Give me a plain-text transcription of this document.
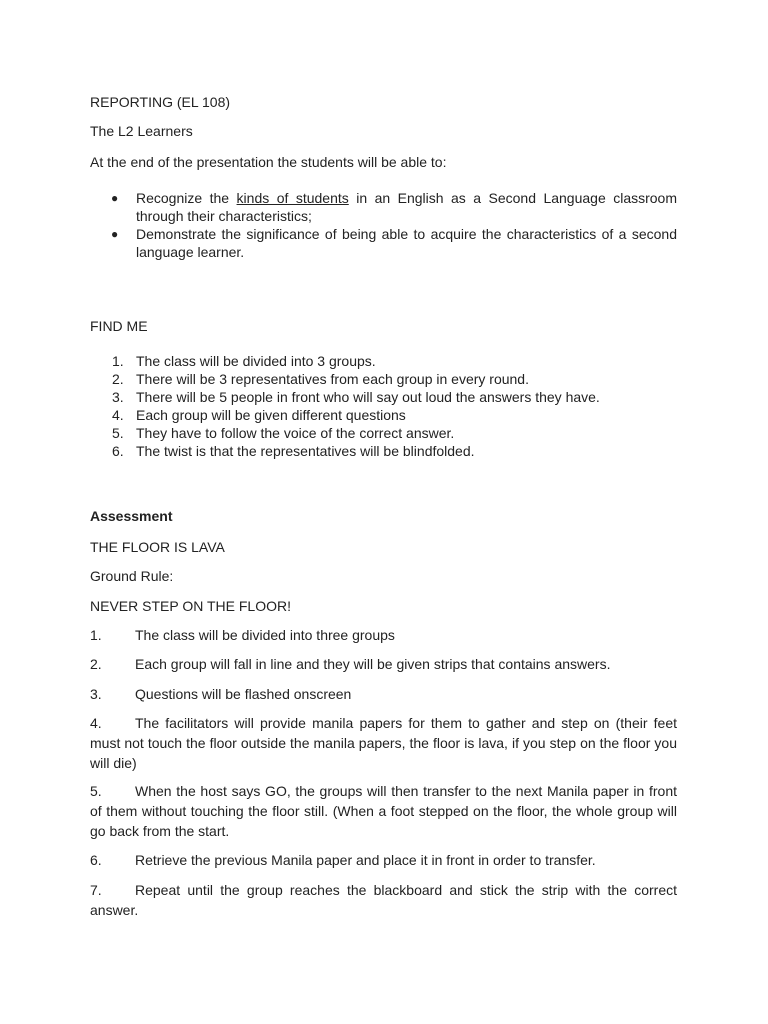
REPORTING (EL 108)

The L2 Learners

At the end of the presentation the students will be able to:

● Recognize the kinds of students in an English as a Second Language classroom through their characteristics;
● Demonstrate the significance of being able to acquire the characteristics of a second language learner.

FIND ME

1. The class will be divided into 3 groups.
2. There will be 3 representatives from each group in every round.
3. There will be 5 people in front who will say out loud the answers they have.
4. Each group will be given different questions
5. They have to follow the voice of the correct answer.
6. The twist is that the representatives will be blindfolded.

Assessment

THE FLOOR IS LAVA

Ground Rule:

NEVER STEP ON THE FLOOR!

1. The class will be divided into three groups

2. Each group will fall in line and they will be given strips that contains answers.

3. Questions will be flashed onscreen

4. The facilitators will provide manila papers for them to gather and step on (their feet must not touch the floor outside the manila papers, the floor is lava, if you step on the floor you will die)

5. When the host says GO, the groups will then transfer to the next Manila paper in front of them without touching the floor still. (When a foot stepped on the floor, the whole group will go back from the start.

6. Retrieve the previous Manila paper and place it in front in order to transfer.

7. Repeat until the group reaches the blackboard and stick the strip with the correct answer.
